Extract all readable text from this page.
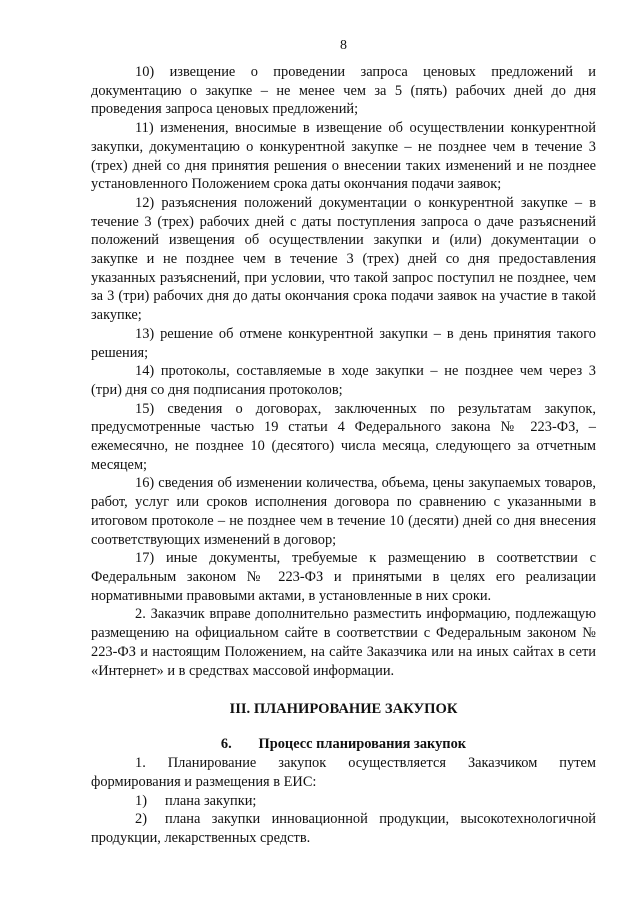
8

10) извещение о проведении запроса ценовых предложений и документацию о закупке – не менее чем за 5 (пять) рабочих дней до дня проведения запроса ценовых предложений;

11) изменения, вносимые в извещение об осуществлении конкурентной закупки, документацию о конкурентной закупке – не позднее чем в течение 3 (трех) дней со дня принятия решения о внесении таких изменений и не позднее установленного Положением срока даты окончания подачи заявок;

12) разъяснения положений документации о конкурентной закупке – в течение 3 (трех) рабочих дней с даты поступления запроса о даче разъяснений положений извещения об осуществлении закупки и (или) документации о закупке и не позднее чем в течение 3 (трех) дней со дня предоставления указанных разъяснений, при условии, что такой запрос поступил не позднее, чем за 3 (три) рабочих дня до даты окончания срока подачи заявок на участие в такой закупке;

13) решение об отмене конкурентной закупки – в день принятия такого решения;

14) протоколы, составляемые в ходе закупки – не позднее чем через 3 (три) дня со дня подписания протоколов;

15) сведения о договорах, заключенных по результатам закупок, предусмотренные частью 19 статьи 4 Федерального закона № 223-ФЗ, – ежемесячно, не позднее 10 (десятого) числа месяца, следующего за отчетным месяцем;

16) сведения об изменении количества, объема, цены закупаемых товаров, работ, услуг или сроков исполнения договора по сравнению с указанными в итоговом протоколе – не позднее чем в течение 10 (десяти) дней со дня внесения соответствующих изменений в договор;

17) иные документы, требуемые к размещению в соответствии с Федеральным законом № 223-ФЗ и принятыми в целях его реализации нормативными правовыми актами, в установленные в них сроки.

2. Заказчик вправе дополнительно разместить информацию, подлежащую размещению на официальном сайте в соответствии с Федеральным законом № 223-ФЗ и настоящим Положением, на сайте Заказчика или на иных сайтах в сети «Интернет» и в средствах массовой информации.

III. ПЛАНИРОВАНИЕ ЗАКУПОК
6. Процесс планирования закупок

1. Планирование закупок осуществляется Заказчиком путем формирования и размещения в ЕИС:

1) плана закупки;

2) плана закупки инновационной продукции, высокотехнологичной продукции, лекарственных средств.
